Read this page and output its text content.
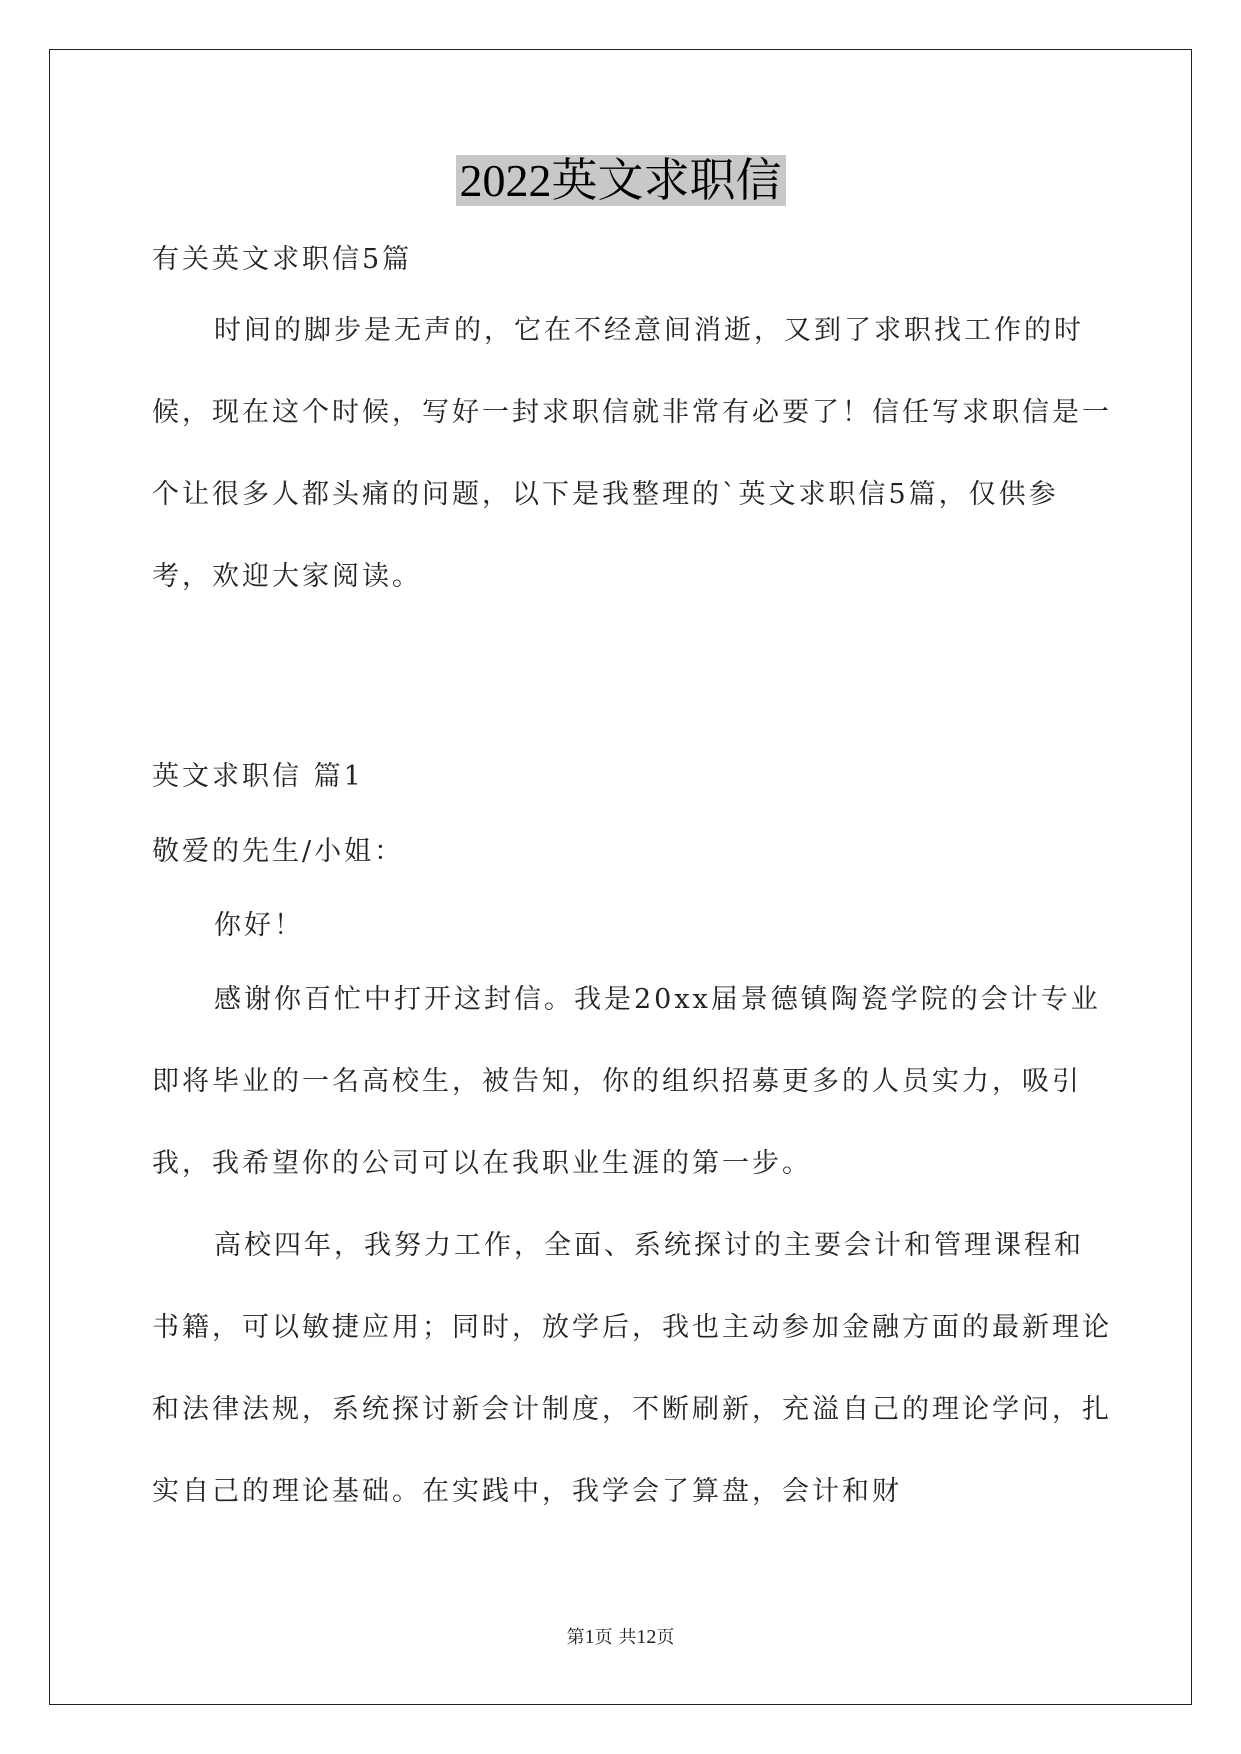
2022英文求职信

有关英文求职信5篇

时间的脚步是无声的，它在不经意间消逝，又到了求职找工作的时候，现在这个时候，写好一封求职信就非常有必要了！信任写求职信是一个让很多人都头痛的问题，以下是我整理的`英文求职信5篇，仅供参考，欢迎大家阅读。

英文求职信 篇1

敬爱的先生/小姐：

你好！

感谢你百忙中打开这封信。我是20xx届景德镇陶瓷学院的会计专业即将毕业的一名高校生，被告知，你的组织招募更多的人员实力，吸引我，我希望你的公司可以在我职业生涯的第一步。

高校四年，我努力工作，全面、系统探讨的主要会计和管理课程和书籍，可以敏捷应用；同时，放学后，我也主动参加金融方面的最新理论和法律法规，系统探讨新会计制度，不断刷新，充溢自己的理论学问，扎实自己的理论基础。在实践中，我学会了算盘，会计和财

第1页 共12页
